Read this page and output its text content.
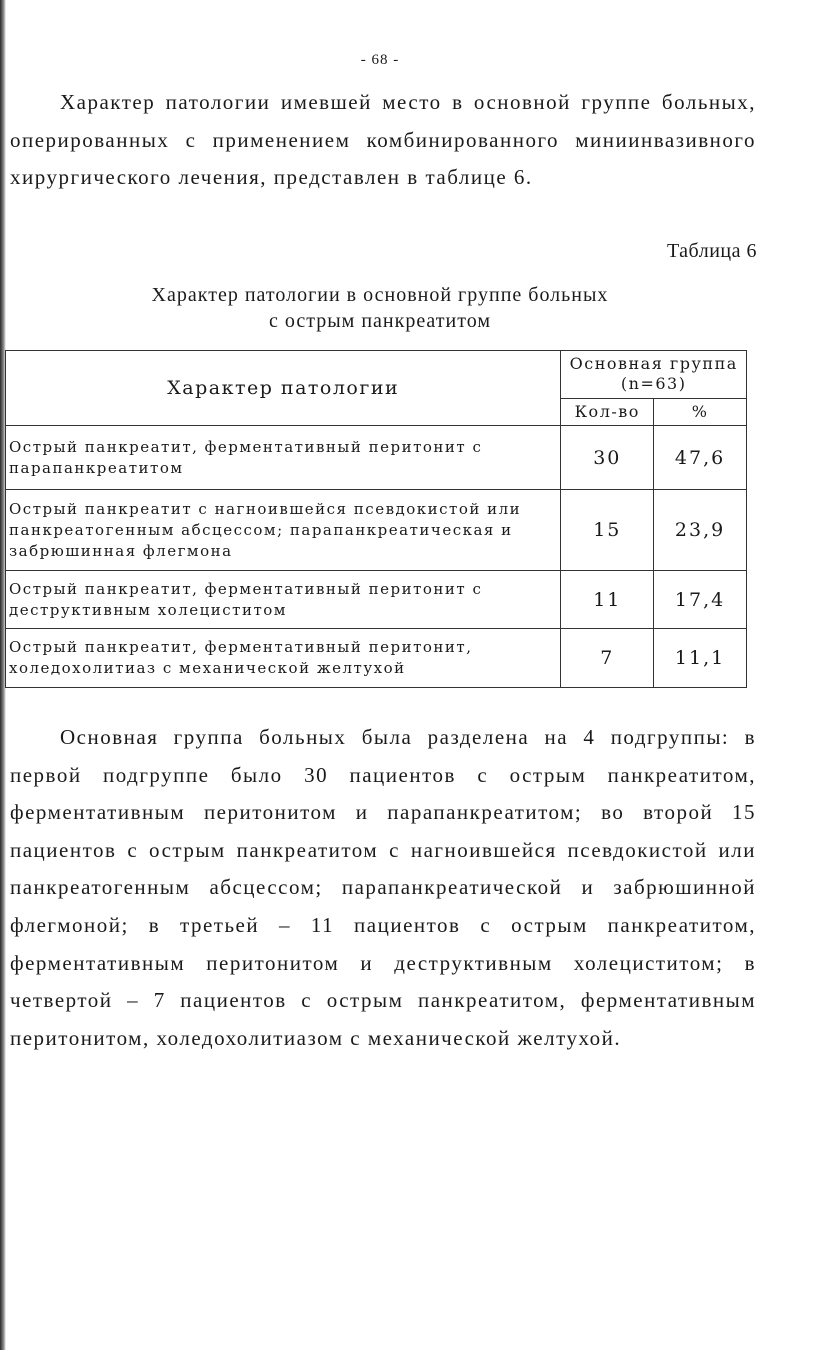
- 68 -

Характер патологии имевшей место в основной группе больных, оперированных с применением комбинированного миниинвазивного хирургического лечения, представлен в таблице 6.

Таблица 6
Характер патологии в основной группе больных
с острым панкреатитом
Характер патологии	Основная группа (n=63)	
	Кол-во	%
Острый панкреатит, ферментативный перитонит с парапанкреатитом	30	47,6
Острый панкреатит с нагноившейся псевдокистой или панкреатогенным абсцессом; парапанкреатическая и забрюшинная флегмона	15	23,9
Острый панкреатит, ферментативный перитонит с деструктивным холециститом	11	17,4
Острый панкреатит, ферментативный перитонит, холедохолитиаз с механической желтухой	7	11,1

Основная группа больных была разделена на 4 подгруппы: в первой подгруппе было 30 пациентов с острым панкреатитом, ферментативным перитонитом и парапанкреатитом; во второй 15 пациентов с острым панкреатитом с нагноившейся псевдокистой или панкреатогенным абсцессом; парапанкреатической и забрюшинной флегмоной; в третьей – 11 пациентов с острым панкреатитом, ферментативным перитонитом и деструктивным холециститом; в четвертой – 7 пациентов с острым панкреатитом, ферментативным перитонитом, холедохолитиазом с механической желтухой.
